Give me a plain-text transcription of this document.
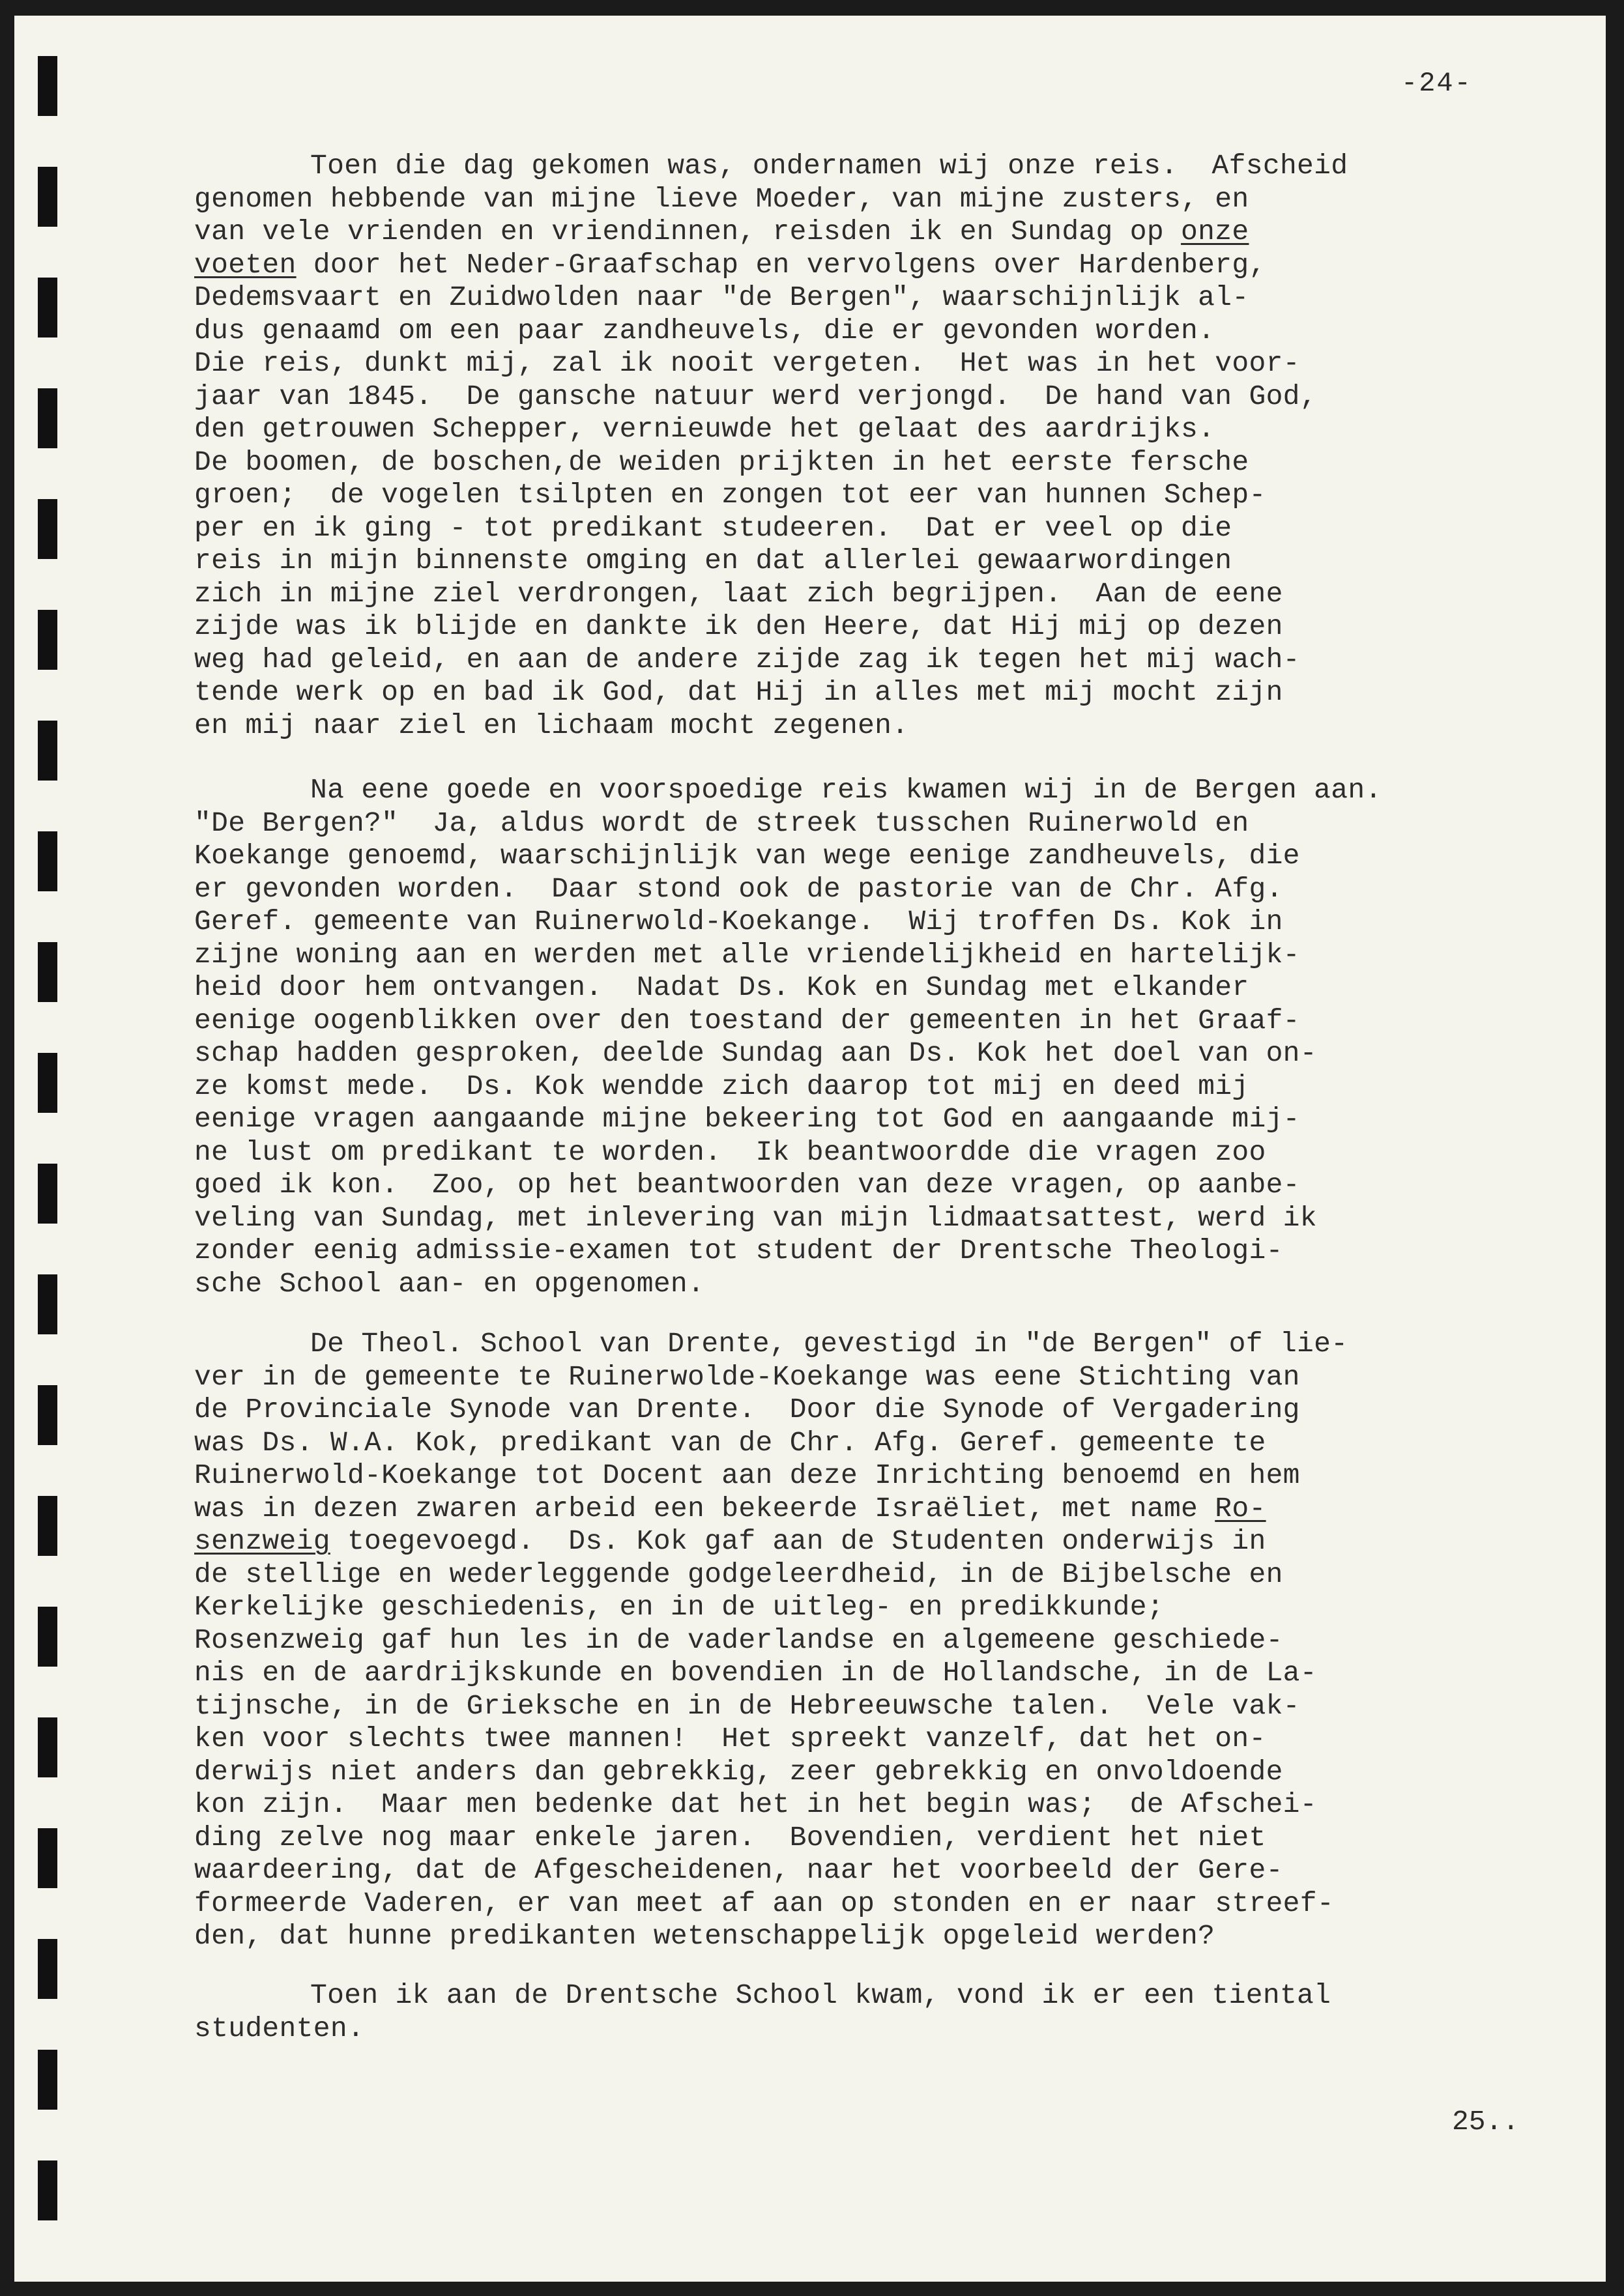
-24-
Toen die dag gekomen was, ondernamen wij onze reis.  Afscheid
genomen hebbende van mijne lieve Moeder, van mijne zusters, en
van vele vrienden en vriendinnen, reisden ik en Sundag op onze
voeten door het Neder-Graafschap en vervolgens over Hardenberg,
Dedemsvaart en Zuidwolden naar "de Bergen", waarschijnlijk al-
dus genaamd om een paar zandheuvels, die er gevonden worden.
Die reis, dunkt mij, zal ik nooit vergeten.  Het was in het voor-
jaar van 1845.  De gansche natuur werd verjongd.  De hand van God,
den getrouwen Schepper, vernieuwde het gelaat des aardrijks.
De boomen, de boschen,de weiden prijkten in het eerste fersche
groen;  de vogelen tsilpten en zongen tot eer van hunnen Schep-
per en ik ging - tot predikant studeeren.  Dat er veel op die
reis in mijn binnenste omging en dat allerlei gewaarwordingen
zich in mijne ziel verdrongen, laat zich begrijpen.  Aan de eene
zijde was ik blijde en dankte ik den Heere, dat Hij mij op dezen
weg had geleid, en aan de andere zijde zag ik tegen het mij wach-
tende werk op en bad ik God, dat Hij in alles met mij mocht zijn
en mij naar ziel en lichaam mocht zegenen.
Na eene goede en voorspoedige reis kwamen wij in de Bergen aan.
"De Bergen?"  Ja, aldus wordt de streek tusschen Ruinerwold en
Koekange genoemd, waarschijnlijk van wege eenige zandheuvels, die
er gevonden worden.  Daar stond ook de pastorie van de Chr. Afg.
Geref. gemeente van Ruinerwold-Koekange.  Wij troffen Ds. Kok in
zijne woning aan en werden met alle vriendelijkheid en hartelijk-
heid door hem ontvangen.  Nadat Ds. Kok en Sundag met elkander
eenige oogenblikken over den toestand der gemeenten in het Graaf-
schap hadden gesproken, deelde Sundag aan Ds. Kok het doel van on-
ze komst mede.  Ds. Kok wendde zich daarop tot mij en deed mij
eenige vragen aangaande mijne bekeering tot God en aangaande mij-
ne lust om predikant te worden.  Ik beantwoordde die vragen zoo
goed ik kon.  Zoo, op het beantwoorden van deze vragen, op aanbe-
veling van Sundag, met inlevering van mijn lidmaatsattest, werd ik
zonder eenig admissie-examen tot student der Drentsche Theologi-
sche School aan- en opgenomen.
De Theol. School van Drente, gevestigd in "de Bergen" of lie-
ver in de gemeente te Ruinerwolde-Koekange was eene Stichting van
de Provinciale Synode van Drente.  Door die Synode of Vergadering
was Ds. W.A. Kok, predikant van de Chr. Afg. Geref. gemeente te
Ruinerwold-Koekange tot Docent aan deze Inrichting benoemd en hem
was in dezen zwaren arbeid een bekeerde Israëliet, met name Ro-
senzweig toegevoegd.  Ds. Kok gaf aan de Studenten onderwijs in
de stellige en wederleggende godgeleerdheid, in de Bijbelsche en
Kerkelijke geschiedenis, en in de uitleg- en predikkunde;
Rosenzweig gaf hun les in de vaderlandse en algemeene geschiede-
nis en de aardrijkskunde en bovendien in de Hollandsche, in de La-
tijnsche, in de Grieksche en in de Hebreeuwsche talen.  Vele vak-
ken voor slechts twee mannen!  Het spreekt vanzelf, dat het on-
derwijs niet anders dan gebrekkig, zeer gebrekkig en onvoldoende
kon zijn.  Maar men bedenke dat het in het begin was;  de Afschei-
ding zelve nog maar enkele jaren.  Bovendien, verdient het niet
waardeering, dat de Afgescheidenen, naar het voorbeeld der Gere-
formeerde Vaderen, er van meet af aan op stonden en er naar streef-
den, dat hunne predikanten wetenschappelijk opgeleid werden?
Toen ik aan de Drentsche School kwam, vond ik er een tiental
studenten.
25..
